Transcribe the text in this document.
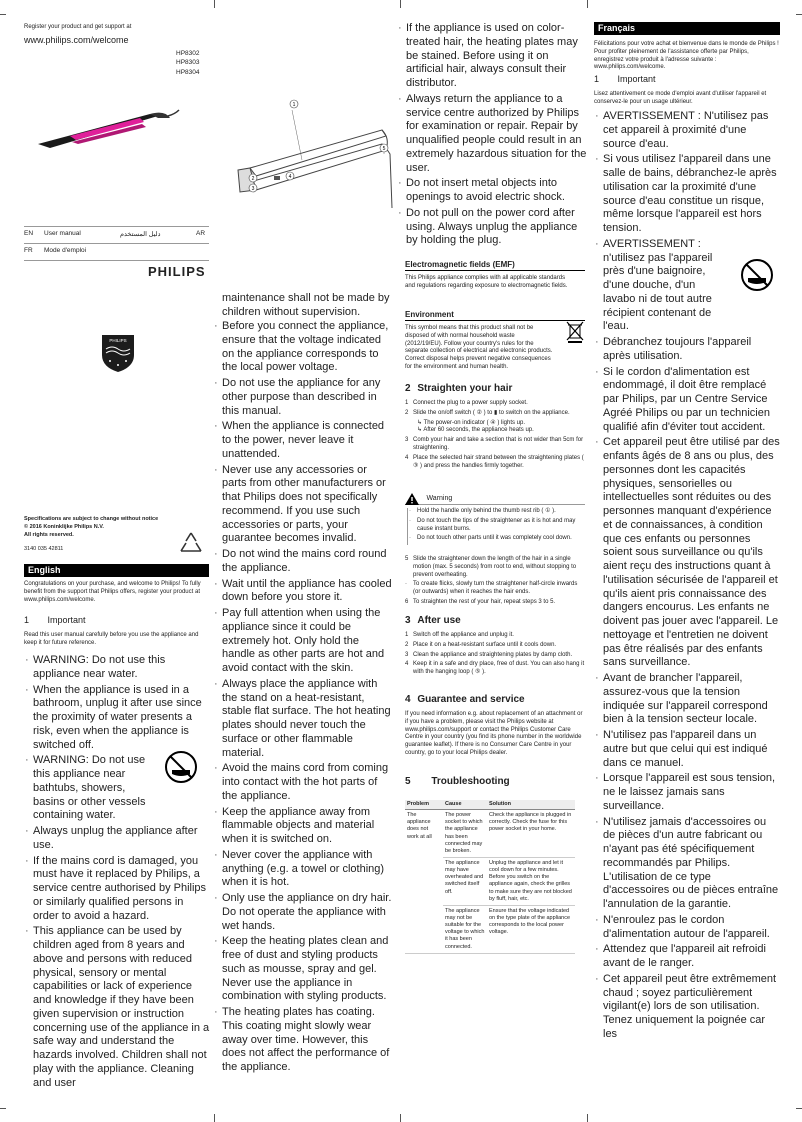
Register your product and get support at
www.philips.com/welcome
HP8302
HP8303
HP8304
EN User manual	دليل المستخدم	AR
FR Mode d'emploi
PHILIPS
PHILIPS
Specifications are subject to change without notice
© 2016 Koninklijke Philips N.V.
All rights reserved.
3140 035 42811
English
Congratulations on your purchase, and welcome to Philips! To fully benefit from the support that Philips offers, register your product at www.philips.com/welcome.
1 Important
Read this user manual carefully before you use the appliance and keep it for future reference.
· WARNING: Do not use this appliance near water.
· When the appliance is used in a bathroom, unplug it after use since the proximity of water presents a risk, even when the appliance is switched off.
· WARNING: Do not use this appliance near bathtubs, showers, basins or other vessels containing water.
· Always unplug the appliance after use.
· If the mains cord is damaged, you must have it replaced by Philips, a service centre authorised by Philips or similarly qualified persons in order to avoid a hazard.
· This appliance can be used by children aged from 8 years and above and persons with reduced physical, sensory or mental capabilities or lack of experience and knowledge if they have been given supervision or instruction concerning use of the appliance in a safe way and understand the hazards involved. Children shall not play with the appliance. Cleaning and user
1
2
3
4
5
maintenance shall not be made by children without supervision.
· Before you connect the appliance, ensure that the voltage indicated on the appliance corresponds to the local power voltage.
· Do not use the appliance for any other purpose than described in this manual.
· When the appliance is connected to the power, never leave it unattended.
· Never use any accessories or parts from other manufacturers or that Philips does not specifically recommend. If you use such accessories or parts, your guarantee becomes invalid.
· Do not wind the mains cord round the appliance.
· Wait until the appliance has cooled down before you store it.
· Pay full attention when using the appliance since it could be extremely hot. Only hold the handle as other parts are hot and avoid contact with the skin.
· Always place the appliance with the stand on a heat-resistant, stable flat surface. The hot heating plates should never touch the surface or other flammable material.
· Avoid the mains cord from coming into contact with the hot parts of the appliance.
· Keep the appliance away from flammable objects and material when it is switched on.
· Never cover the appliance with anything (e.g. a towel or clothing) when it is hot.
· Only use the appliance on dry hair. Do not operate the appliance with wet hands.
· Keep the heating plates clean and free of dust and styling products such as mousse, spray and gel. Never use the appliance in combination with styling products.
· The heating plates has coating. This coating might slowly wear away over time. However, this does not affect the performance of the appliance.
· If the appliance is used on color-treated hair, the heating plates may be stained. Before using it on artificial hair, always consult their distributor.
· Always return the appliance to a service centre authorized by Philips for examination or repair. Repair by unqualified people could result in an extremely hazardous situation for the user.
· Do not insert metal objects into openings to avoid electric shock.
· Do not pull on the power cord after using. Always unplug the appliance by holding the plug.
Electromagnetic fields (EMF)
This Philips appliance complies with all applicable standards and regulations regarding exposure to electromagnetic fields.
Environment
This symbol means that this product shall not be disposed of with normal household waste (2012/19/EU). Follow your country's rules for the separate collection of electrical and electronic products. Correct disposal helps prevent negative consequences for the environment and human health.
2 Straighten your hair
1 Connect the plug to a power supply socket.
2 Slide the on/off switch ( ② ) to ▮ to switch on the appliance.
↳ The power-on indicator ( ④ ) lights up.
↳ After 60 seconds, the appliance heats up.
3 Comb your hair and take a section that is not wider than 5cm for straightening.
4 Place the selected hair strand between the straightening plates ( ③ ) and press the handles firmly together.
Warning
· Hold the handle only behind the thumb rest rib ( ① ).
· Do not touch the tips of the straightener as it is hot and may cause instant burns.
· Do not touch other parts until it was completely cool down.
5 Slide the straightener down the length of the hair in a single motion (max. 5 seconds) from root to end, without stopping to prevent overheating.
· To create flicks, slowly turn the straightener half-circle inwards (or outwards) when it reaches the hair ends.
6 To straighten the rest of your hair, repeat steps 3 to 5.
3 After use
1 Switch off the appliance and unplug it.
2 Place it on a heat-resistant surface until it cools down.
3 Clean the appliance and straightening plates by damp cloth.
4 Keep it in a safe and dry place, free of dust. You can also hang it with the hanging loop ( ⑤ ).
4 Guarantee and service
If you need information e.g. about replacement of an attachment or if you have a problem, please visit the Philips website at www.philips.com/support or contact the Philips Customer Care Centre in your country (you find its phone number in the worldwide guarantee leaflet). If there is no Consumer Care Centre in your country, go to your local Philips dealer.
5 Troubleshooting
Problem	Cause	Solution
The appliance does not work at all	The power socket to which the appliance has been connected may be broken.	Check the appliance is plugged in correctly. Check the fuse for this power socket in your home.
	The appliance may have overheated and switched itself off.	Unplug the appliance and let it cool down for a few minutes. Before you switch on the appliance again, check the grilles to make sure they are not blocked by fluff, hair, etc.
	The appliance may not be suitable for the voltage to which it has been connected.	Ensure that the voltage indicated on the type plate of the appliance corresponds to the local power voltage.
Français
Félicitations pour votre achat et bienvenue dans le monde de Philips ! Pour profiter pleinement de l'assistance offerte par Philips, enregistrez votre produit à l'adresse suivante : www.philips.com/welcome.
1 Important
Lisez attentivement ce mode d'emploi avant d'utiliser l'appareil et conservez-le pour un usage ultérieur.
· AVERTISSEMENT : N'utilisez pas cet appareil à proximité d'une source d'eau.
· Si vous utilisez l'appareil dans une salle de bains, débranchez-le après utilisation car la proximité d'une source d'eau constitue un risque, même lorsque l'appareil est hors tension.
· AVERTISSEMENT : n'utilisez pas l'appareil près d'une baignoire, d'une douche, d'un lavabo ni de tout autre récipient contenant de l'eau.
· Débranchez toujours l'appareil après utilisation.
· Si le cordon d'alimentation est endommagé, il doit être remplacé par Philips, par un Centre Service Agréé Philips ou par un technicien qualifié afin d'éviter tout accident.
· Cet appareil peut être utilisé par des enfants âgés de 8 ans ou plus, des personnes dont les capacités physiques, sensorielles ou intellectuelles sont réduites ou des personnes manquant d'expérience et de connaissances, à condition que ces enfants ou personnes soient sous surveillance ou qu'ils aient reçu des instructions quant à l'utilisation sécurisée de l'appareil et qu'ils aient pris connaissance des dangers encourus. Les enfants ne doivent pas jouer avec l'appareil. Le nettoyage et l'entretien ne doivent pas être réalisés par des enfants sans surveillance.
· Avant de brancher l'appareil, assurez-vous que la tension indiquée sur l'appareil correspond bien à la tension secteur locale.
· N'utilisez pas l'appareil dans un autre but que celui qui est indiqué dans ce manuel.
· Lorsque l'appareil est sous tension, ne le laissez jamais sans surveillance.
· N'utilisez jamais d'accessoires ou de pièces d'un autre fabricant ou n'ayant pas été spécifiquement recommandés par Philips. L'utilisation de ce type d'accessoires ou de pièces entraîne l'annulation de la garantie.
· N'enroulez pas le cordon d'alimentation autour de l'appareil.
· Attendez que l'appareil ait refroidi avant de le ranger.
· Cet appareil peut être extrêmement chaud ; soyez particulièrement vigilant(e) lors de son utilisation. Tenez uniquement la poignée car les
